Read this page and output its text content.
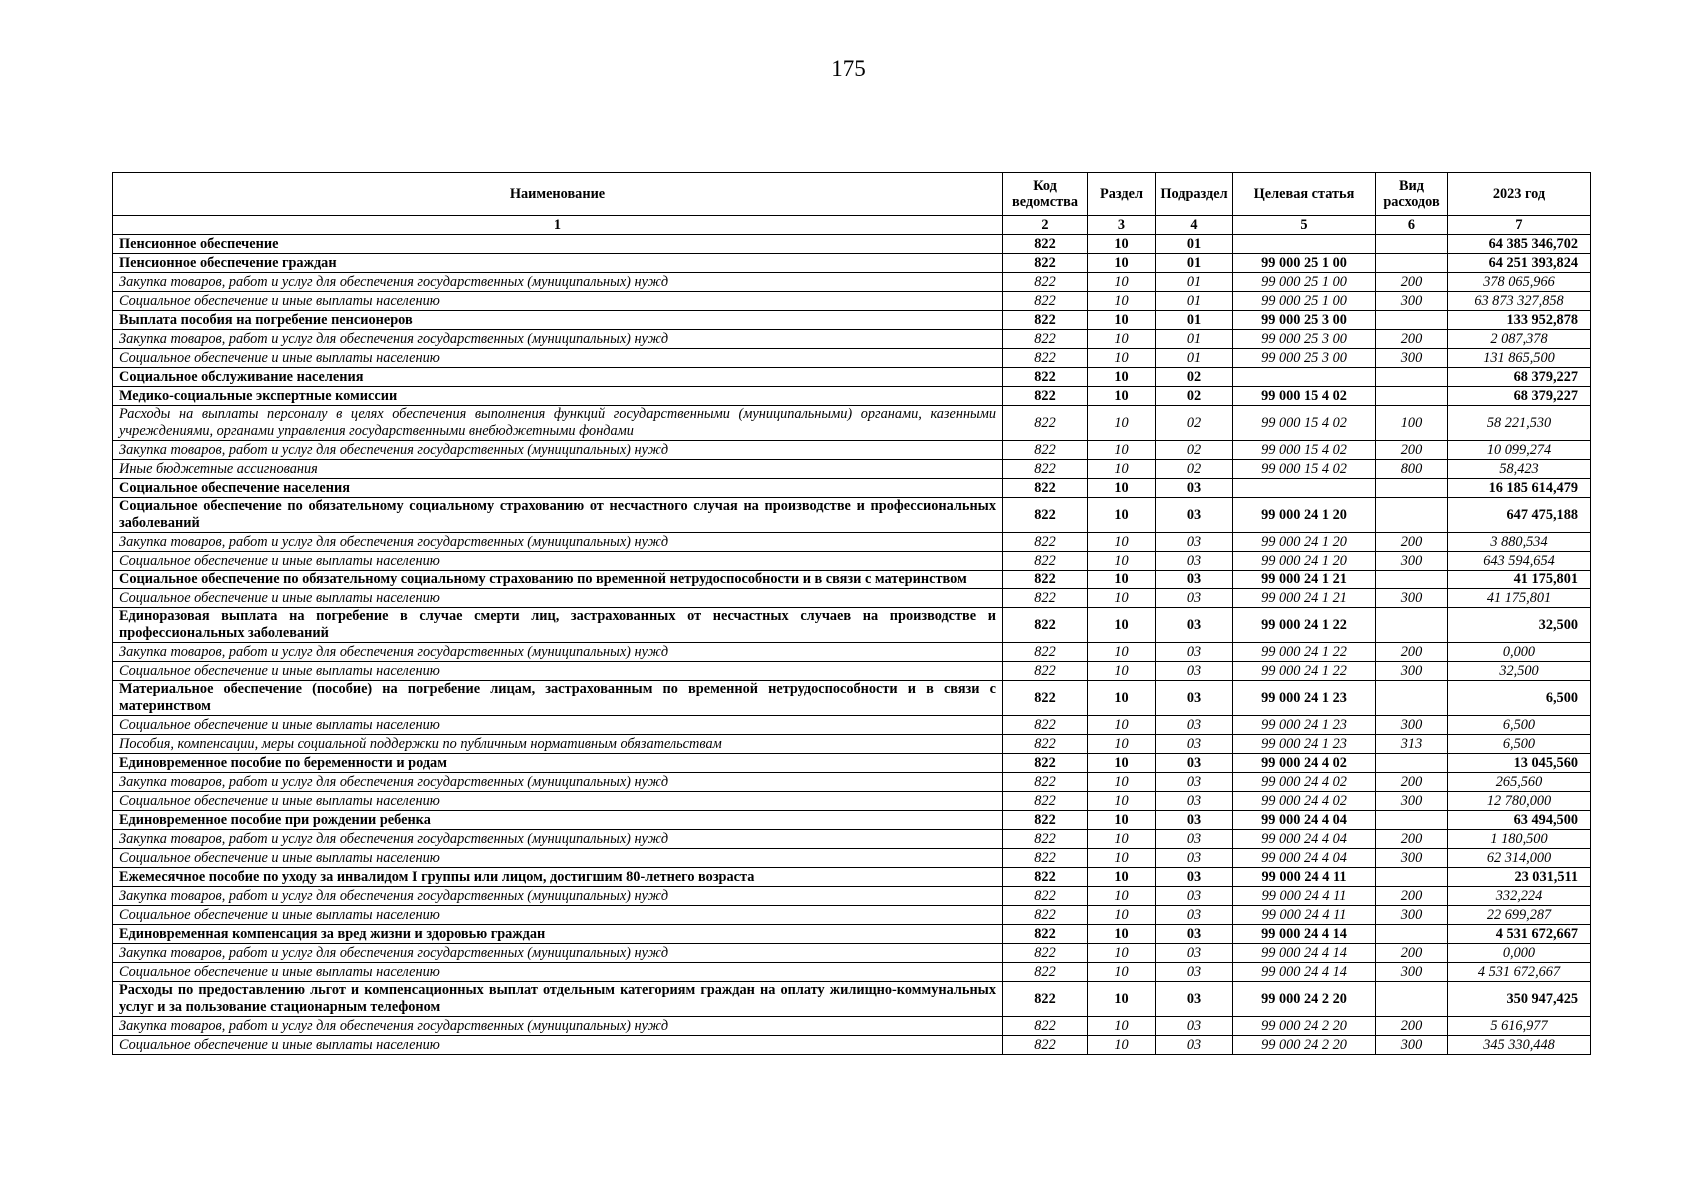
175
Наименование	Код ведомства	Раздел	Подраздел	Целевая статья	Вид расходов	2023 год
1	2	3	4	5	6	7
Пенсионное обеспечение	822	10	01			64 385 346,702
Пенсионное обеспечение граждан	822	10	01	99 000 25 1 00		64 251 393,824
Закупка товаров, работ и услуг для обеспечения государственных (муниципальных) нужд	822	10	01	99 000 25 1 00	200	378 065,966
Социальное обеспечение и иные выплаты населению	822	10	01	99 000 25 1 00	300	63 873 327,858
Выплата пособия на погребение пенсионеров	822	10	01	99 000 25 3 00		133 952,878
Закупка товаров, работ и услуг для обеспечения государственных (муниципальных) нужд	822	10	01	99 000 25 3 00	200	2 087,378
Социальное обеспечение и иные выплаты населению	822	10	01	99 000 25 3 00	300	131 865,500
Социальное обслуживание населения	822	10	02			68 379,227
Медико-социальные экспертные комиссии	822	10	02	99 000 15 4 02		68 379,227
Расходы на выплаты персоналу в целях обеспечения выполнения функций государственными (муниципальными) органами, казенными учреждениями, органами управления государственными внебюджетными фондами	822	10	02	99 000 15 4 02	100	58 221,530
Закупка товаров, работ и услуг для обеспечения государственных (муниципальных) нужд	822	10	02	99 000 15 4 02	200	10 099,274
Иные бюджетные ассигнования	822	10	02	99 000 15 4 02	800	58,423
Социальное обеспечение населения	822	10	03			16 185 614,479
Социальное обеспечение по обязательному социальному страхованию от несчастного случая на производстве и профессиональных заболеваний	822	10	03	99 000 24 1 20		647 475,188
Закупка товаров, работ и услуг для обеспечения государственных (муниципальных) нужд	822	10	03	99 000 24 1 20	200	3 880,534
Социальное обеспечение и иные выплаты населению	822	10	03	99 000 24 1 20	300	643 594,654
Социальное обеспечение по обязательному социальному страхованию по временной нетрудоспособности и в связи с материнством	822	10	03	99 000 24 1 21		41 175,801
Социальное обеспечение и иные выплаты населению	822	10	03	99 000 24 1 21	300	41 175,801
Единоразовая выплата на погребение в случае смерти лиц, застрахованных от несчастных случаев на производстве и профессиональных заболеваний	822	10	03	99 000 24 1 22		32,500
Закупка товаров, работ и услуг для обеспечения государственных (муниципальных) нужд	822	10	03	99 000 24 1 22	200	0,000
Социальное обеспечение и иные выплаты населению	822	10	03	99 000 24 1 22	300	32,500
Материальное обеспечение (пособие) на погребение лицам, застрахованным по временной нетрудоспособности и в связи с материнством	822	10	03	99 000 24 1 23		6,500
Социальное обеспечение и иные выплаты населению	822	10	03	99 000 24 1 23	300	6,500
Пособия, компенсации, меры социальной поддержки по публичным нормативным обязательствам	822	10	03	99 000 24 1 23	313	6,500
Единовременное пособие по беременности и родам	822	10	03	99 000 24 4 02		13 045,560
Закупка товаров, работ и услуг для обеспечения государственных (муниципальных) нужд	822	10	03	99 000 24 4 02	200	265,560
Социальное обеспечение и иные выплаты населению	822	10	03	99 000 24 4 02	300	12 780,000
Единовременное пособие при рождении ребенка	822	10	03	99 000 24 4 04		63 494,500
Закупка товаров, работ и услуг для обеспечения государственных (муниципальных) нужд	822	10	03	99 000 24 4 04	200	1 180,500
Социальное обеспечение и иные выплаты населению	822	10	03	99 000 24 4 04	300	62 314,000
Ежемесячное пособие по уходу за инвалидом I группы или лицом, достигшим 80-летнего возраста	822	10	03	99 000 24 4 11		23 031,511
Закупка товаров, работ и услуг для обеспечения государственных (муниципальных) нужд	822	10	03	99 000 24 4 11	200	332,224
Социальное обеспечение и иные выплаты населению	822	10	03	99 000 24 4 11	300	22 699,287
Единовременная компенсация за вред жизни и здоровью граждан	822	10	03	99 000 24 4 14		4 531 672,667
Закупка товаров, работ и услуг для обеспечения государственных (муниципальных) нужд	822	10	03	99 000 24 4 14	200	0,000
Социальное обеспечение и иные выплаты населению	822	10	03	99 000 24 4 14	300	4 531 672,667
Расходы по предоставлению льгот и компенсационных выплат отдельным категориям граждан на оплату жилищно-коммунальных услуг и за пользование стационарным телефоном	822	10	03	99 000 24 2 20		350 947,425
Закупка товаров, работ и услуг для обеспечения государственных (муниципальных) нужд	822	10	03	99 000 24 2 20	200	5 616,977
Социальное обеспечение и иные выплаты населению	822	10	03	99 000 24 2 20	300	345 330,448
